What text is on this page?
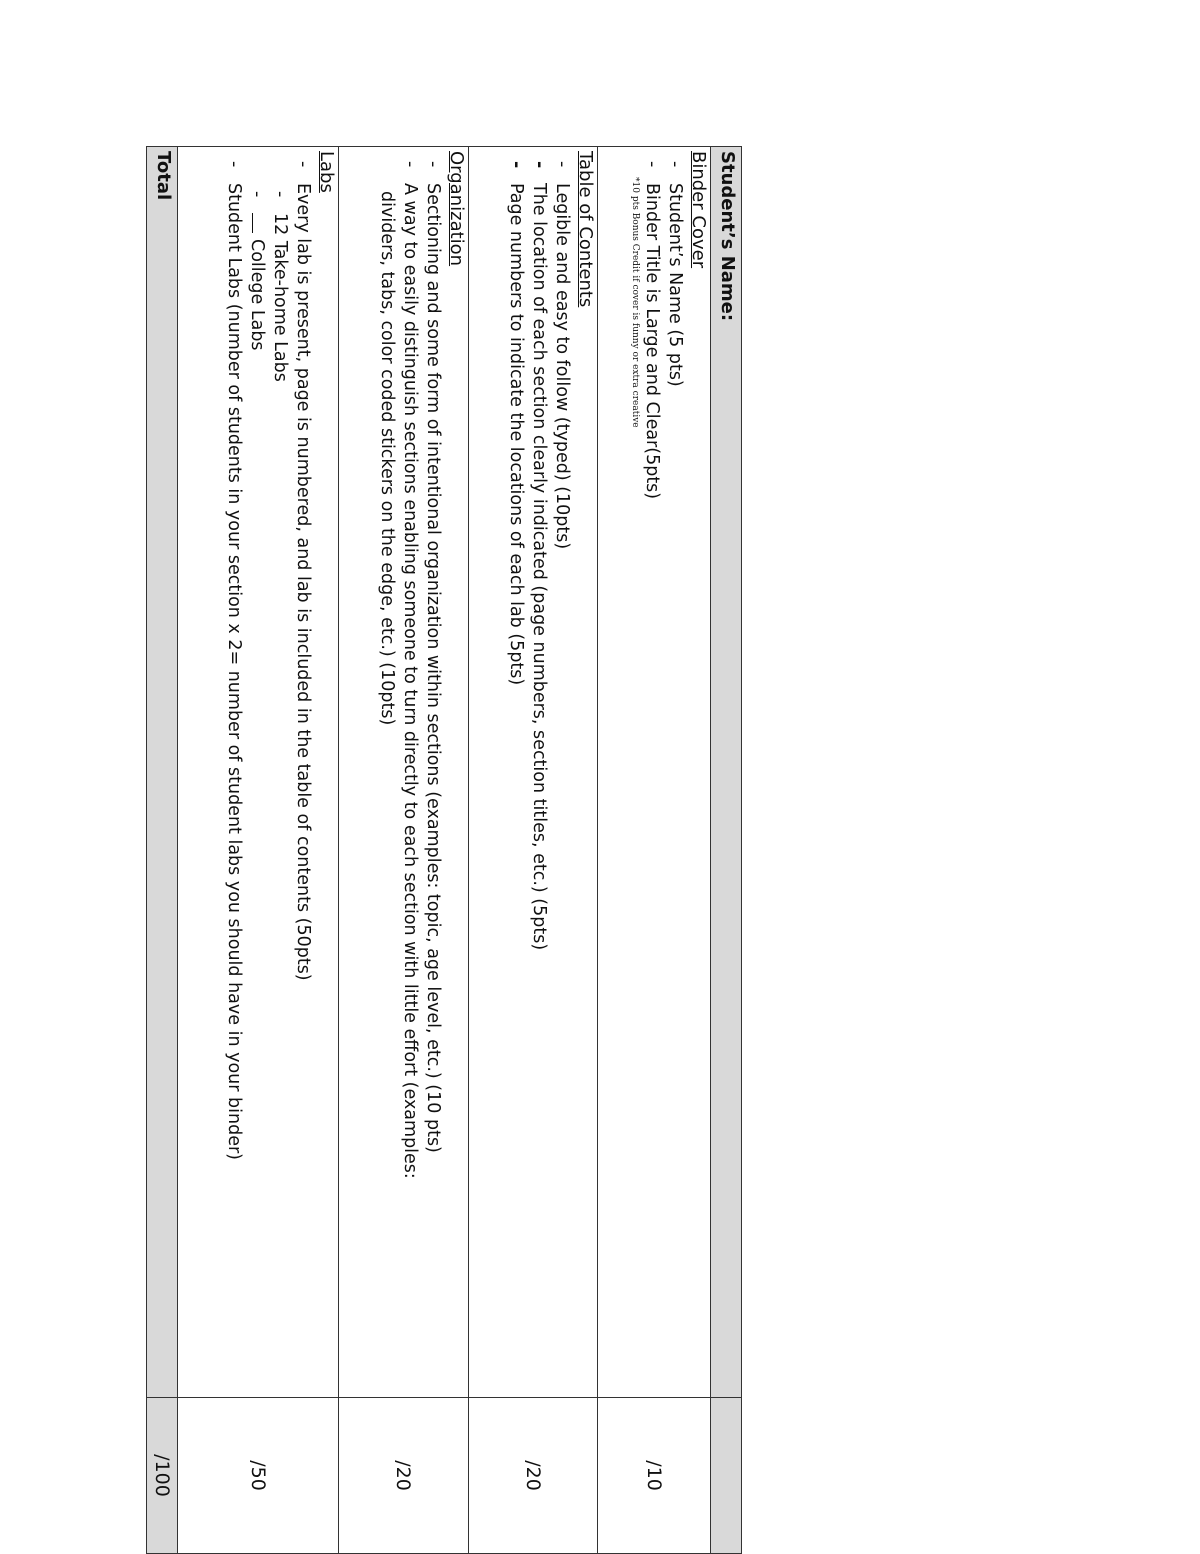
Student’s Name:	

Binder Cover
-Student’s Name (5 pts)
-Binder Title is Large and Clear(5pts)
*10 pts Bonus Credit if cover is funny or extra creative	/10

Table of Contents
-Legible and easy to follow (typed) (10pts)
-The location of each section clearly indicated (page numbers, section titles, etc.) (5pts)
-Page numbers to indicate the locations of each lab (5pts)	/20

Organization
-Sectioning and some form of intentional organization within sections (examples: topic, age level, etc.) (10 pts)
-A way to easily distinguish sections enabling someone to turn directly to each section with little effort (examples:
dividers, tabs, color coded stickers on the edge, etc.) (10pts)	/20

Labs
-Every lab is present, page is numbered, and lab is included in the table of contents (50pts)
-12 Take-home Labs
-College Labs
-Student Labs (number of students in your section x 2= number of student labs you should have in your binder)	/50
Total	/100
